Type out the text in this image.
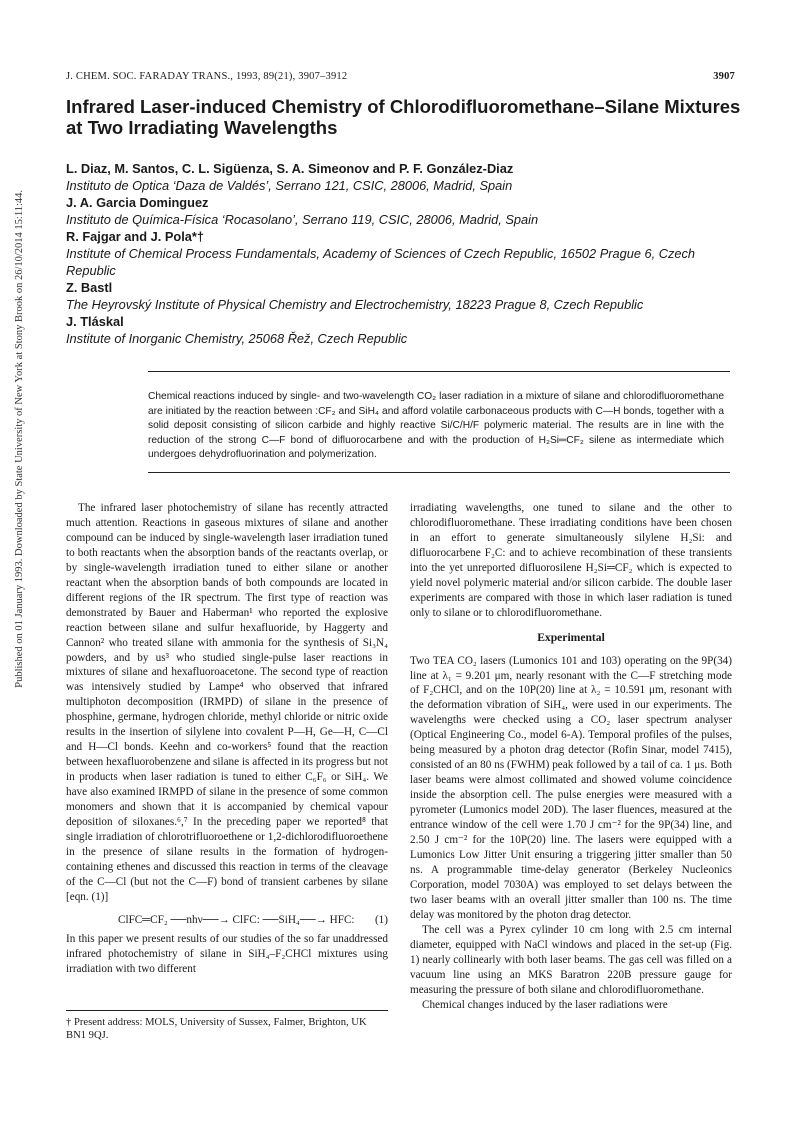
Published on 01 January 1993. Downloaded by State University of New York at Stony Brook on 26/10/2014 15:11:44.
J. CHEM. SOC. FARADAY TRANS., 1993, 89(21), 3907–3912	3907
Infrared Laser-induced Chemistry of Chlorodifluoromethane–Silane Mixtures at Two Irradiating Wavelengths
L. Diaz, M. Santos, C. L. Sigüenza, S. A. Simeonov and P. F. González-Diaz
Instituto de Optica ‘Daza de Valdés’, Serrano 121, CSIC, 28006, Madrid, Spain
J. A. Garcia Dominguez
Instituto de Química-Física ‘Rocasolano’, Serrano 119, CSIC, 28006, Madrid, Spain
R. Fajgar and J. Pola*†
Institute of Chemical Process Fundamentals, Academy of Sciences of Czech Republic, 16502 Prague 6, Czech Republic
Z. Bastl
The Heyrovský Institute of Physical Chemistry and Electrochemistry, 18223 Prague 8, Czech Republic
J. Tláskal
Institute of Inorganic Chemistry, 25068 Řež, Czech Republic
Chemical reactions induced by single- and two-wavelength CO₂ laser radiation in a mixture of silane and chlorodifluoromethane are initiated by the reaction between :CF₂ and SiH₄ and afford volatile carbonaceous products with C—H bonds, together with a solid deposit consisting of silicon carbide and highly reactive Si/C/H/F polymeric material. The results are in line with the reduction of the strong C—F bond of difluorocarbene and with the production of H₂Si═CF₂ silene as intermediate which undergoes dehydrofluorination and polymerization.

The infrared laser photochemistry of silane has recently attracted much attention. Reactions in gaseous mixtures of silane and another compound can be induced by single-wavelength laser irradiation tuned to both reactants when the absorption bands of the reactants overlap, or by single-wavelength irradiation tuned to either silane or another reactant when the absorption bands of both compounds are located in different regions of the IR spectrum. The first type of reaction was demonstrated by Bauer and Haberman¹ who reported the explosive reaction between silane and sulfur hexafluoride, by Haggerty and Cannon² who treated silane with ammonia for the synthesis of Si₃N₄ powders, and by us³ who studied single-pulse laser reactions in mixtures of silane and hexafluoroacetone. The second type of reaction was intensively studied by Lampe⁴ who observed that infrared multiphoton decomposition (IRMPD) of silane in the presence of phosphine, germane, hydrogen chloride, methyl chloride or nitric oxide results in the insertion of silylene into covalent P—H, Ge—H, C—Cl and H—Cl bonds. Keehn and co-workers⁵ found that the reaction between hexafluorobenzene and silane is affected in its progress but not in products when laser radiation is tuned to either C₆F₆ or SiH₄. We have also examined IRMPD of silane in the presence of some common monomers and shown that it is accompanied by chemical vapour deposition of siloxanes.⁶,⁷ In the preceding paper we reported⁸ that single irradiation of chlorotrifluoroethene or 1,2-dichlorodifluoroethene in the presence of silane results in the formation of hydrogen-containing ethenes and discussed this reaction in terms of the cleavage of the C—Cl (but not the C—F) bond of transient carbenes by silane [eqn. (1)]

ClFC═CF₂ ──nhν──→ ClFC: ──SiH₄──→ HFC: (1)

In this paper we present results of our studies of the so far unaddressed infrared photochemistry of silane in SiH₄–F₂CHCl mixtures using irradiation with two different

† Present address: MOLS, University of Sussex, Falmer, Brighton, UK BN1 9QJ.

irradiating wavelengths, one tuned to silane and the other to chlorodifluoromethane. These irradiating conditions have been chosen in an effort to generate simultaneously silylene H₂Si: and difluorocarbene F₂C: and to achieve recombination of these transients into the yet unreported difluorosilene H₂Si═CF₂ which is expected to yield novel polymeric material and/or silicon carbide. The double laser experiments are compared with those in which laser radiation is tuned only to silane or to chlorodifluoromethane.

Experimental

Two TEA CO₂ lasers (Lumonics 101 and 103) operating on the 9P(34) line at λ₁ = 9.201 μm, nearly resonant with the C—F stretching mode of F₂CHCl, and on the 10P(20) line at λ₂ = 10.591 μm, resonant with the deformation vibration of SiH₄, were used in our experiments. The wavelengths were checked using a CO₂ laser spectrum analyser (Optical Engineering Co., model 6-A). Temporal profiles of the pulses, being measured by a photon drag detector (Rofin Sinar, model 7415), consisted of an 80 ns (FWHM) peak followed by a tail of ca. 1 μs. Both laser beams were almost collimated and showed volume coincidence inside the absorption cell. The pulse energies were measured with a pyrometer (Lumonics model 20D). The laser fluences, measured at the entrance window of the cell were 1.70 J cm⁻² for the 9P(34) line, and 2.50 J cm⁻² for the 10P(20) line. The lasers were equipped with a Lumonics Low Jitter Unit ensuring a triggering jitter smaller than 50 ns. A programmable time-delay generator (Berkeley Nucleonics Corporation, model 7030A) was employed to set delays between the two laser beams with an overall jitter smaller than 100 ns. The time delay was monitored by the photon drag detector.

The cell was a Pyrex cylinder 10 cm long with 2.5 cm internal diameter, equipped with NaCl windows and placed in the set-up (Fig. 1) nearly collinearly with both laser beams. The gas cell was filled on a vacuum line using an MKS Baratron 220B pressure gauge for measuring the pressure of both silane and chlorodifluoromethane.

Chemical changes induced by the laser radiations were
